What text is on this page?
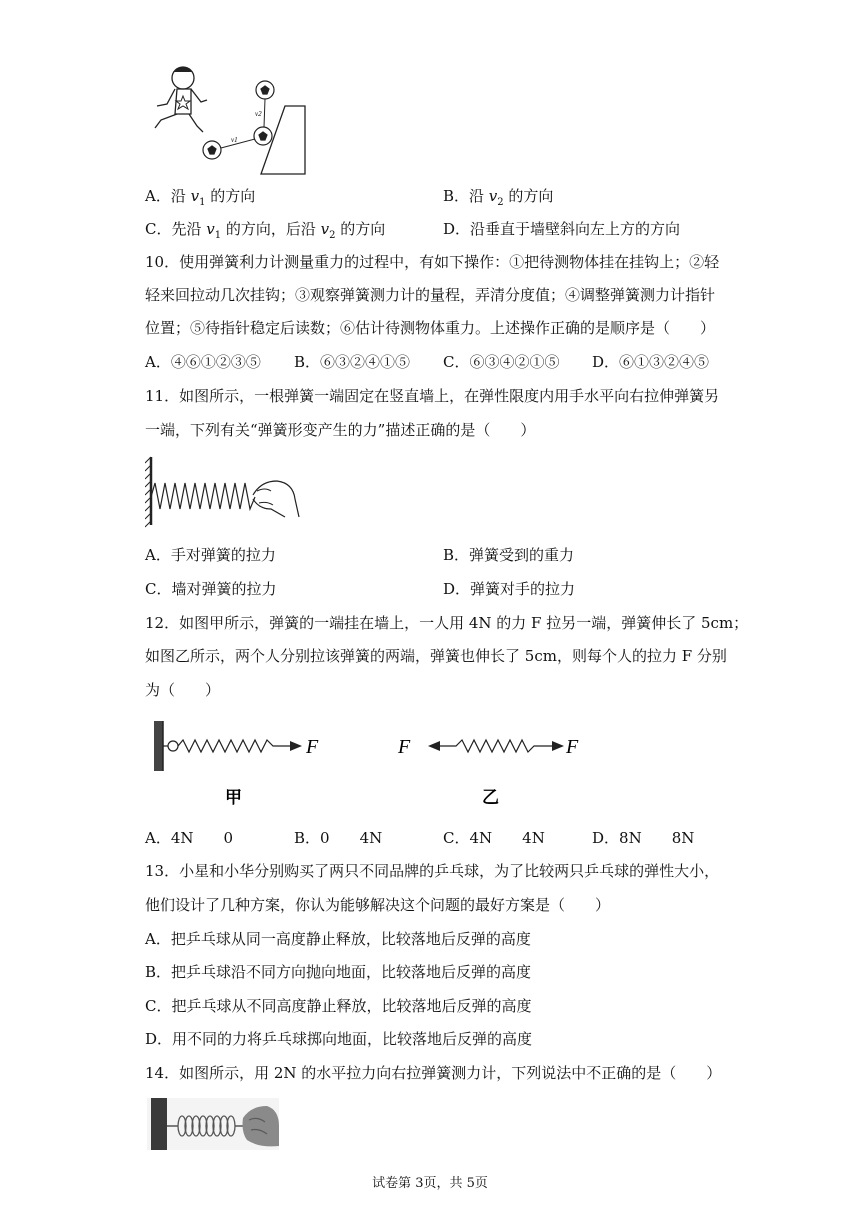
v1
v2
A．沿 $v_1$ 的方向	B．沿 $v_2$ 的方向
C．先沿 $v_1$ 的方向，后沿 $v_2$ 的方向	D．沿垂直于墙壁斜向左上方的方向
10．使用弹簧利力计测量重力的过程中，有如下操作：①把待测物体挂在挂钩上；②轻
轻来回拉动几次挂钩；③观察弹簧测力计的量程，弄清分度值；④调整弹簧测力计指针
位置；⑤待指针稳定后读数；⑥估计待测物体重力。上述操作正确的是顺序是（　　）
A．④⑥①②③⑤ B．⑥③②④①⑤ C．⑥③④②①⑤ D．⑥①③②④⑤
11．如图所示，一根弹簧一端固定在竖直墙上，在弹性限度内用手水平向右拉伸弹簧另
一端，下列有关“弹簧形变产生的力”描述正确的是（　　）
A．手对弹簧的拉力	B．弹簧受到的重力
C．墙对弹簧的拉力	D．弹簧对手的拉力
12．如图甲所示，弹簧的一端挂在墙上，一人用 4N 的力 F 拉另一端，弹簧伸长了 5cm；
如图乙所示，两个人分别拉该弹簧的两端，弹簧也伸长了 5cm，则每个人的拉力 F 分别
为（　　）
F
甲
F	F
乙
A．4N　　0	B．0　　4N	C．4N　　4N	D．8N　　8N
13．小星和小华分别购买了两只不同品牌的乒乓球，为了比较两只乒乓球的弹性大小，
他们设计了几种方案，你认为能够解决这个问题的最好方案是（　　）
A．把乒乓球从同一高度静止释放，比较落地后反弹的高度
B．把乒乓球沿不同方向抛向地面，比较落地后反弹的高度
C．把乒乓球从不同高度静止释放，比较落地后反弹的高度
D．用不同的力将乒乓球掷向地面，比较落地后反弹的高度
14．如图所示，用 2N 的水平拉力向右拉弹簧测力计，下列说法中不正确的是（　　）
试卷第 3页，共 5页
